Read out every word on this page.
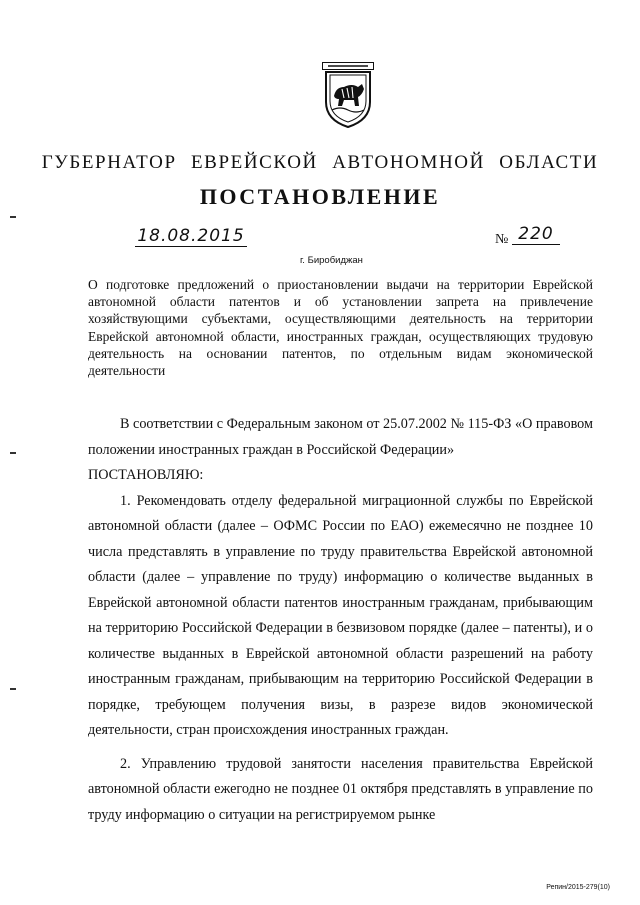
ГУБЕРНАТОР ЕВРЕЙСКОЙ АВТОНОМНОЙ ОБЛАСТИ
ПОСТАНОВЛЕНИЕ
18.08.2015	№ 220
г. Биробиджан
О подготовке предложений о приостановлении выдачи на территории Еврейской автономной области патентов и об установлении запрета на привлечение хозяйствующими субъектами, осуществляющими деятельность на территории Еврейской автономной области, иностранных граждан, осуществляющих трудовую деятельность на основании патентов, по отдельным видам экономической деятельности

В соответствии с Федеральным законом от 25.07.2002 № 115-ФЗ «О правовом положении иностранных граждан в Российской Федерации»

ПОСТАНОВЛЯЮ:

1. Рекомендовать отделу федеральной миграционной службы по Еврейской автономной области (далее – ОФМС России по ЕАО) ежемесячно не позднее 10 числа представлять в управление по труду правительства Еврейской автономной области (далее – управление по труду) информацию о количестве выданных в Еврейской автономной области патентов иностранным гражданам, прибывающим на территорию Российской Федерации в безвизовом порядке (далее – патенты), и о количестве выданных в Еврейской автономной области разрешений на работу иностранным гражданам, прибывающим на территорию Российской Федерации в порядке, требующем получения визы, в разрезе видов экономической деятельности, стран происхождения иностранных граждан.

2. Управлению трудовой занятости населения правительства Еврейской автономной области ежегодно не позднее 01 октября представлять в управление по труду информацию о ситуации на регистрируемом рынке

Репин/2015-279(10)
